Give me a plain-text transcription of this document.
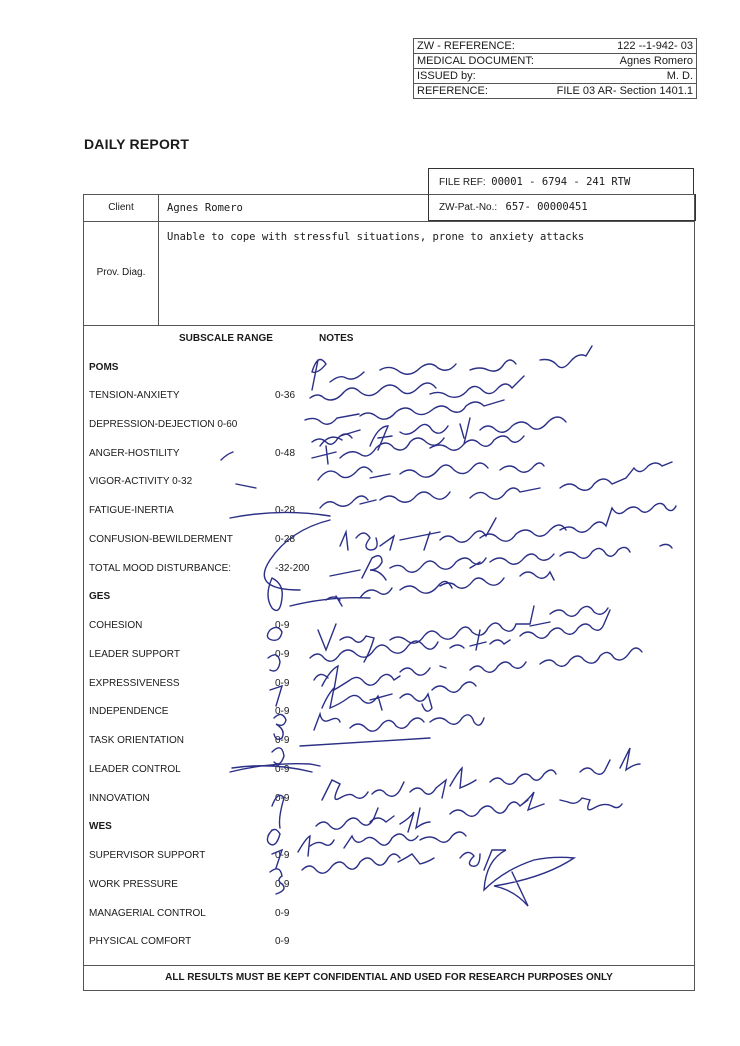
ZW - REFERENCE:	122 --1-942- 03
MEDICAL DOCUMENT:	Agnes Romero
ISSUED by:	M. D.
REFERENCE:	FILE 03 AR- Section 1401.1
DAILY REPORT
FILE REF: 00001 - 6794 - 241 RTW
Client	Agnes Romero	ZW-Pat.-No.: 657- 00000451
Prov. Diag.
Unable to cope with stressful situations, prone to anxiety attacks
SUBSCALE RANGE	NOTES
POMS
TENSION-ANXIETY	0-36
DEPRESSION-DEJECTION 0-60
ANGER-HOSTILITY	0-48
VIGOR-ACTIVITY 0-32
FATIGUE-INERTIA	0-28
CONFUSION-BEWILDERMENT	0-28
TOTAL MOOD DISTURBANCE:	-32-200
GES
COHESION	0-9
LEADER SUPPORT	0-9
EXPRESSIVENESS	0-9
INDEPENDENCE	0-9
TASK ORIENTATION	0-9
LEADER CONTROL	0-9
INNOVATION	0-9
WES
SUPERVISOR SUPPORT	0-9
WORK PRESSURE	0-9
MANAGERIAL CONTROL	0-9
PHYSICAL COMFORT	0-9
ALL RESULTS MUST BE KEPT CONFIDENTIAL AND USED FOR RESEARCH PURPOSES ONLY
